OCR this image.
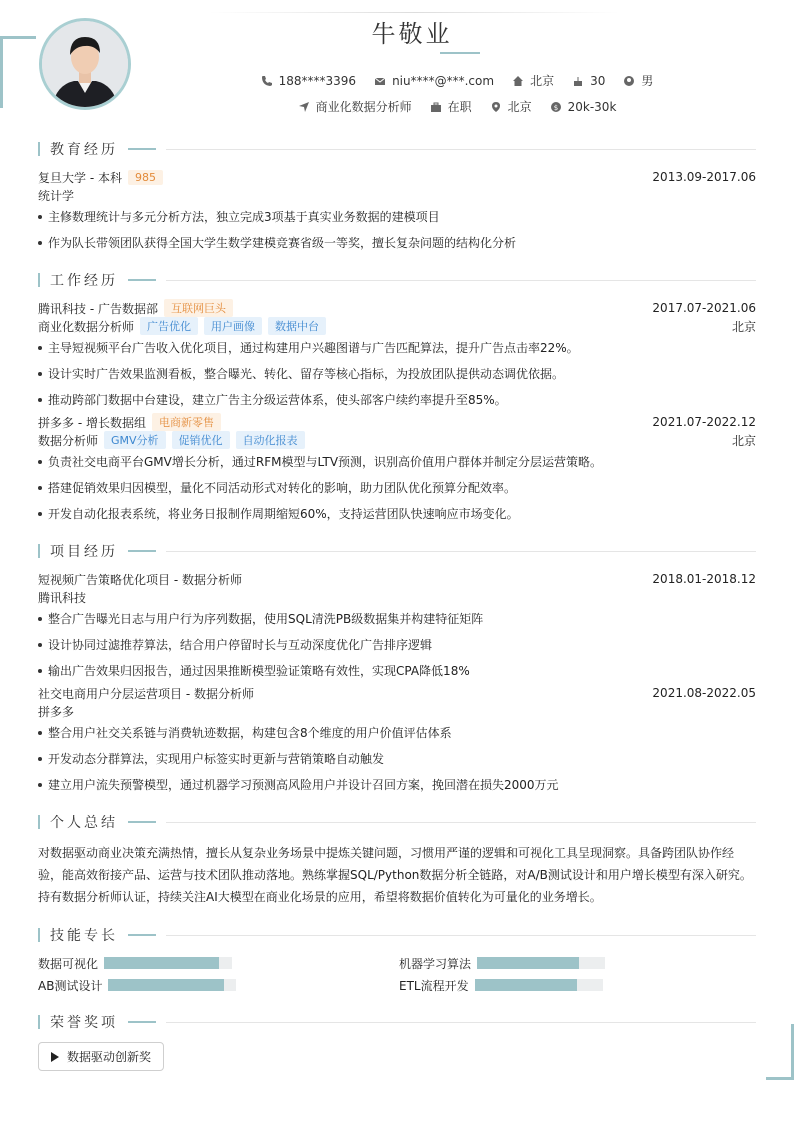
牛敬业
188****3396	niu****@***.com	北京	30	男
商业化数据分析师	在职	北京	$ 20k-30k
教育经历
复旦大学 - 本科	985	2013.09-2017.06
统计学
主修数理统计与多元分析方法，独立完成3项基于真实业务数据的建模项目
作为队长带领团队获得全国大学生数学建模竞赛省级一等奖，擅长复杂问题的结构化分析
工作经历
腾讯科技 - 广告数据部	互联网巨头	2017.07-2021.06
商业化数据分析师	广告优化	用户画像	数据中台	北京
主导短视频平台广告收入优化项目，通过构建用户兴趣图谱与广告匹配算法，提升广告点击率22%。
设计实时广告效果监测看板，整合曝光、转化、留存等核心指标，为投放团队提供动态调优依据。
推动跨部门数据中台建设，建立广告主分级运营体系，使头部客户续约率提升至85%。
拼多多 - 增长数据组	电商新零售	2021.07-2022.12
数据分析师	GMV分析	促销优化	自动化报表	北京
负责社交电商平台GMV增长分析，通过RFM模型与LTV预测，识别高价值用户群体并制定分层运营策略。
搭建促销效果归因模型，量化不同活动形式对转化的影响，助力团队优化预算分配效率。
开发自动化报表系统，将业务日报制作周期缩短60%，支持运营团队快速响应市场变化。
项目经历
短视频广告策略优化项目 - 数据分析师	2018.01-2018.12
腾讯科技
整合广告曝光日志与用户行为序列数据，使用SQL清洗PB级数据集并构建特征矩阵
设计协同过滤推荐算法，结合用户停留时长与互动深度优化广告排序逻辑
输出广告效果归因报告，通过因果推断模型验证策略有效性，实现CPA降低18%
社交电商用户分层运营项目 - 数据分析师	2021.08-2022.05
拼多多
整合用户社交关系链与消费轨迹数据，构建包含8个维度的用户价值评估体系
开发动态分群算法，实现用户标签实时更新与营销策略自动触发
建立用户流失预警模型，通过机器学习预测高风险用户并设计召回方案，挽回潜在损失2000万元
个人总结
对数据驱动商业决策充满热情，擅长从复杂业务场景中提炼关键问题，习惯用严谨的逻辑和可视化工具呈现洞察。具备跨团队协作经验，能高效衔接产品、运营与技术团队推动落地。熟练掌握SQL/Python数据分析全链路，对A/B测试设计和用户增长模型有深入研究。持有数据分析师认证，持续关注AI大模型在商业化场景的应用，希望将数据价值转化为可量化的业务增长。
技能专长
数据可视化	机器学习算法
AB测试设计	ETL流程开发
荣誉奖项
数据驱动创新奖
